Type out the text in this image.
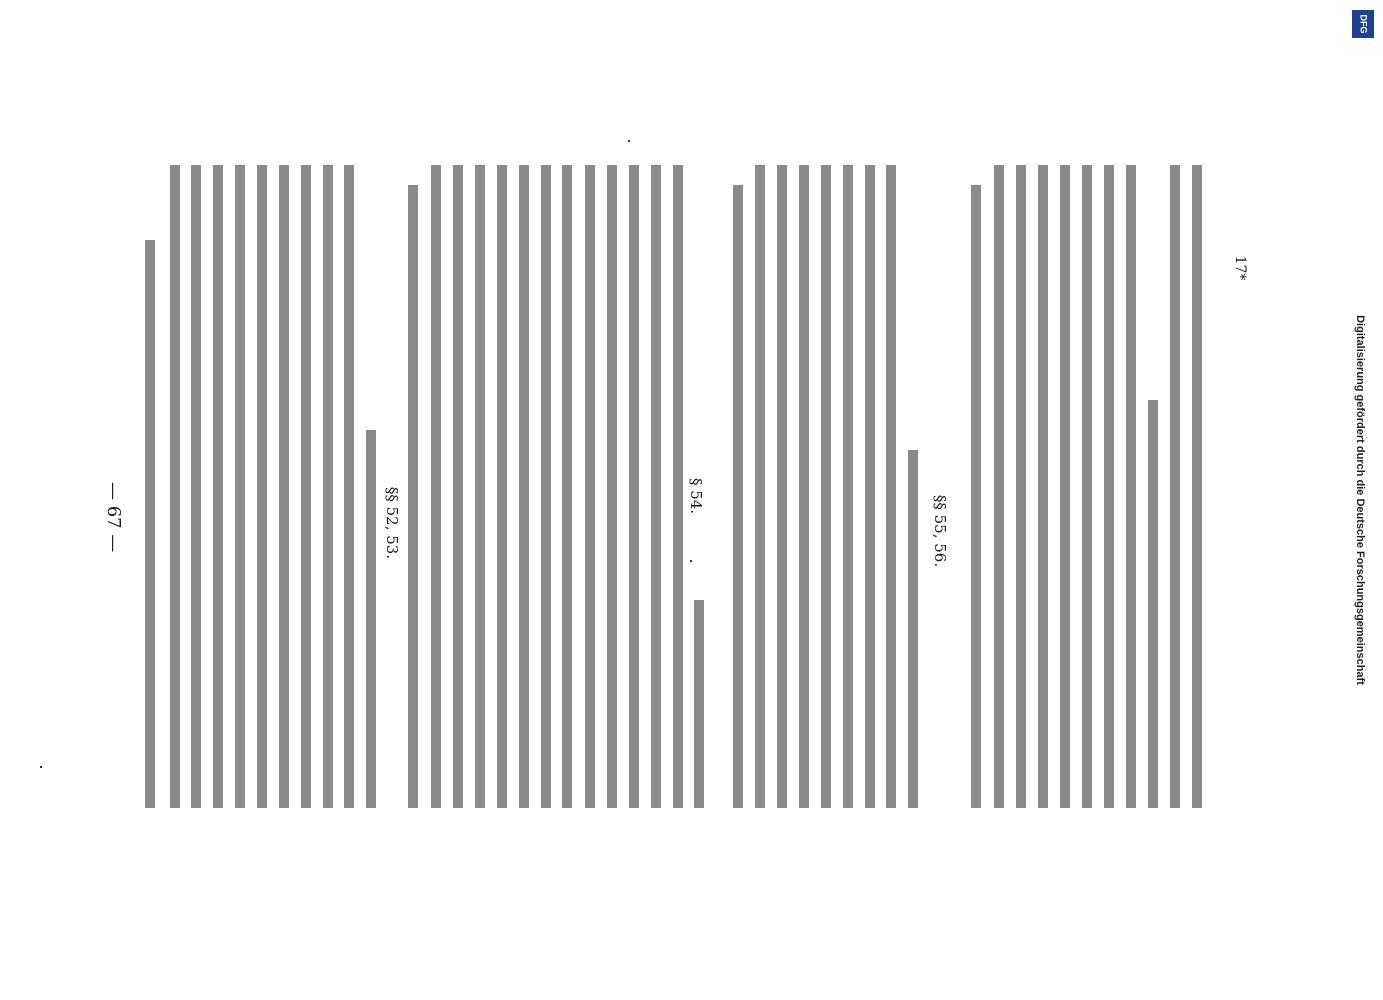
— 67 —	§§ 52, 53.	§ 54.	§§ 55, 56.
17*
DFG
Digitalisierung gefördert durch die Deutsche Forschungsgemeinschaft
